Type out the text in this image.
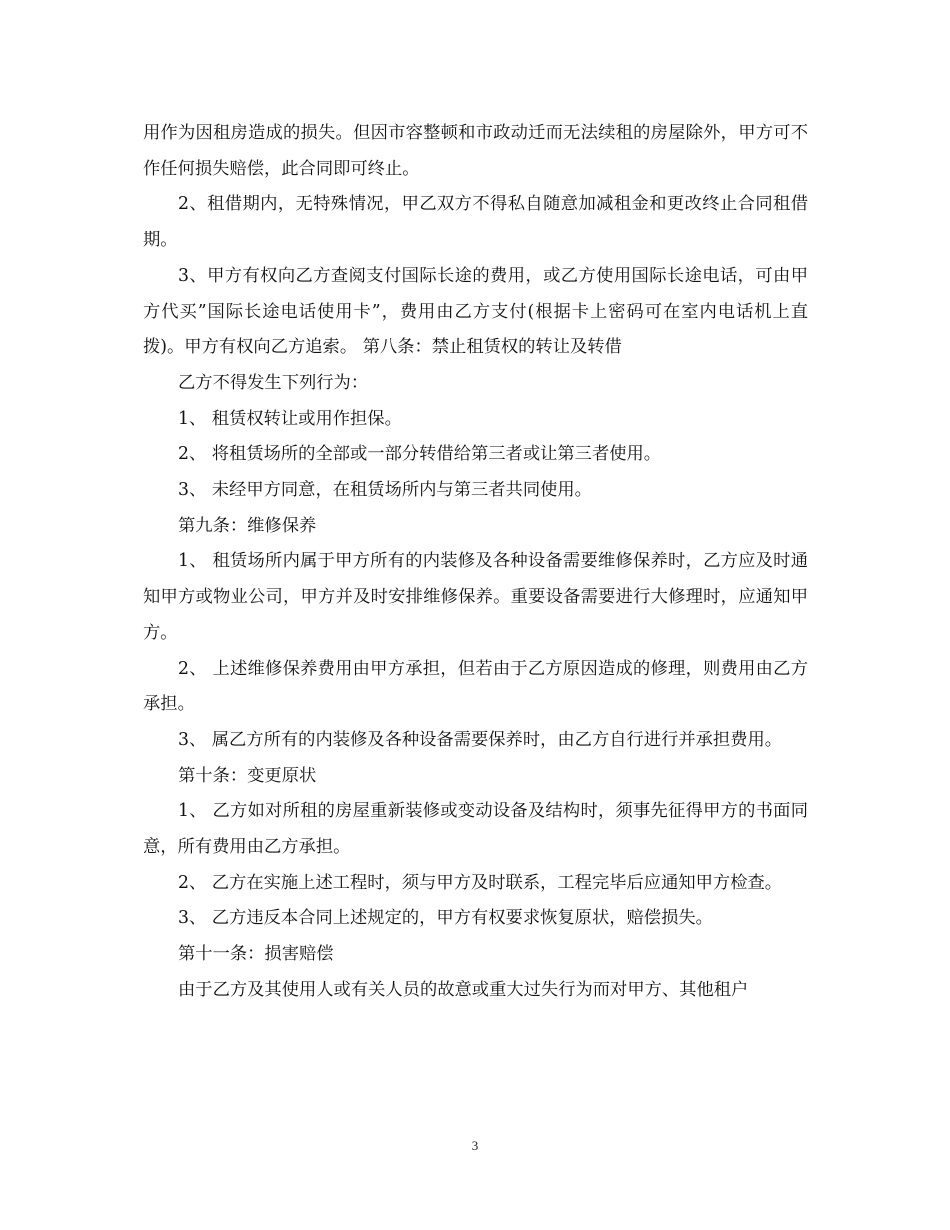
用作为因租房造成的损失。但因市容整顿和市政动迁而无法续租的房屋除外，甲方可不作任何损失赔偿，此合同即可终止。

2、租借期内，无特殊情况，甲乙双方不得私自随意加减租金和更改终止合同租借期。

3、甲方有权向乙方查阅支付国际长途的费用，或乙方使用国际长途电话，可由甲方代买”国际长途电话使用卡”，费用由乙方支付(根据卡上密码可在室内电话机上直拨)。甲方有权向乙方追索。 第八条：禁止租赁权的转让及转借

乙方不得发生下列行为：

1、 租赁权转让或用作担保。

2、 将租赁场所的全部或一部分转借给第三者或让第三者使用。

3、 未经甲方同意，在租赁场所内与第三者共同使用。

第九条：维修保养

1、 租赁场所内属于甲方所有的内装修及各种设备需要维修保养时，乙方应及时通知甲方或物业公司，甲方并及时安排维修保养。重要设备需要进行大修理时，应通知甲方。

2、 上述维修保养费用由甲方承担，但若由于乙方原因造成的修理，则费用由乙方承担。

3、 属乙方所有的内装修及各种设备需要保养时，由乙方自行进行并承担费用。

第十条：变更原状

1、 乙方如对所租的房屋重新装修或变动设备及结构时，须事先征得甲方的书面同意，所有费用由乙方承担。

2、 乙方在实施上述工程时，须与甲方及时联系，工程完毕后应通知甲方检查。

3、 乙方违反本合同上述规定的，甲方有权要求恢复原状，赔偿损失。

第十一条：损害赔偿

由于乙方及其使用人或有关人员的故意或重大过失行为而对甲方、其他租户

3
